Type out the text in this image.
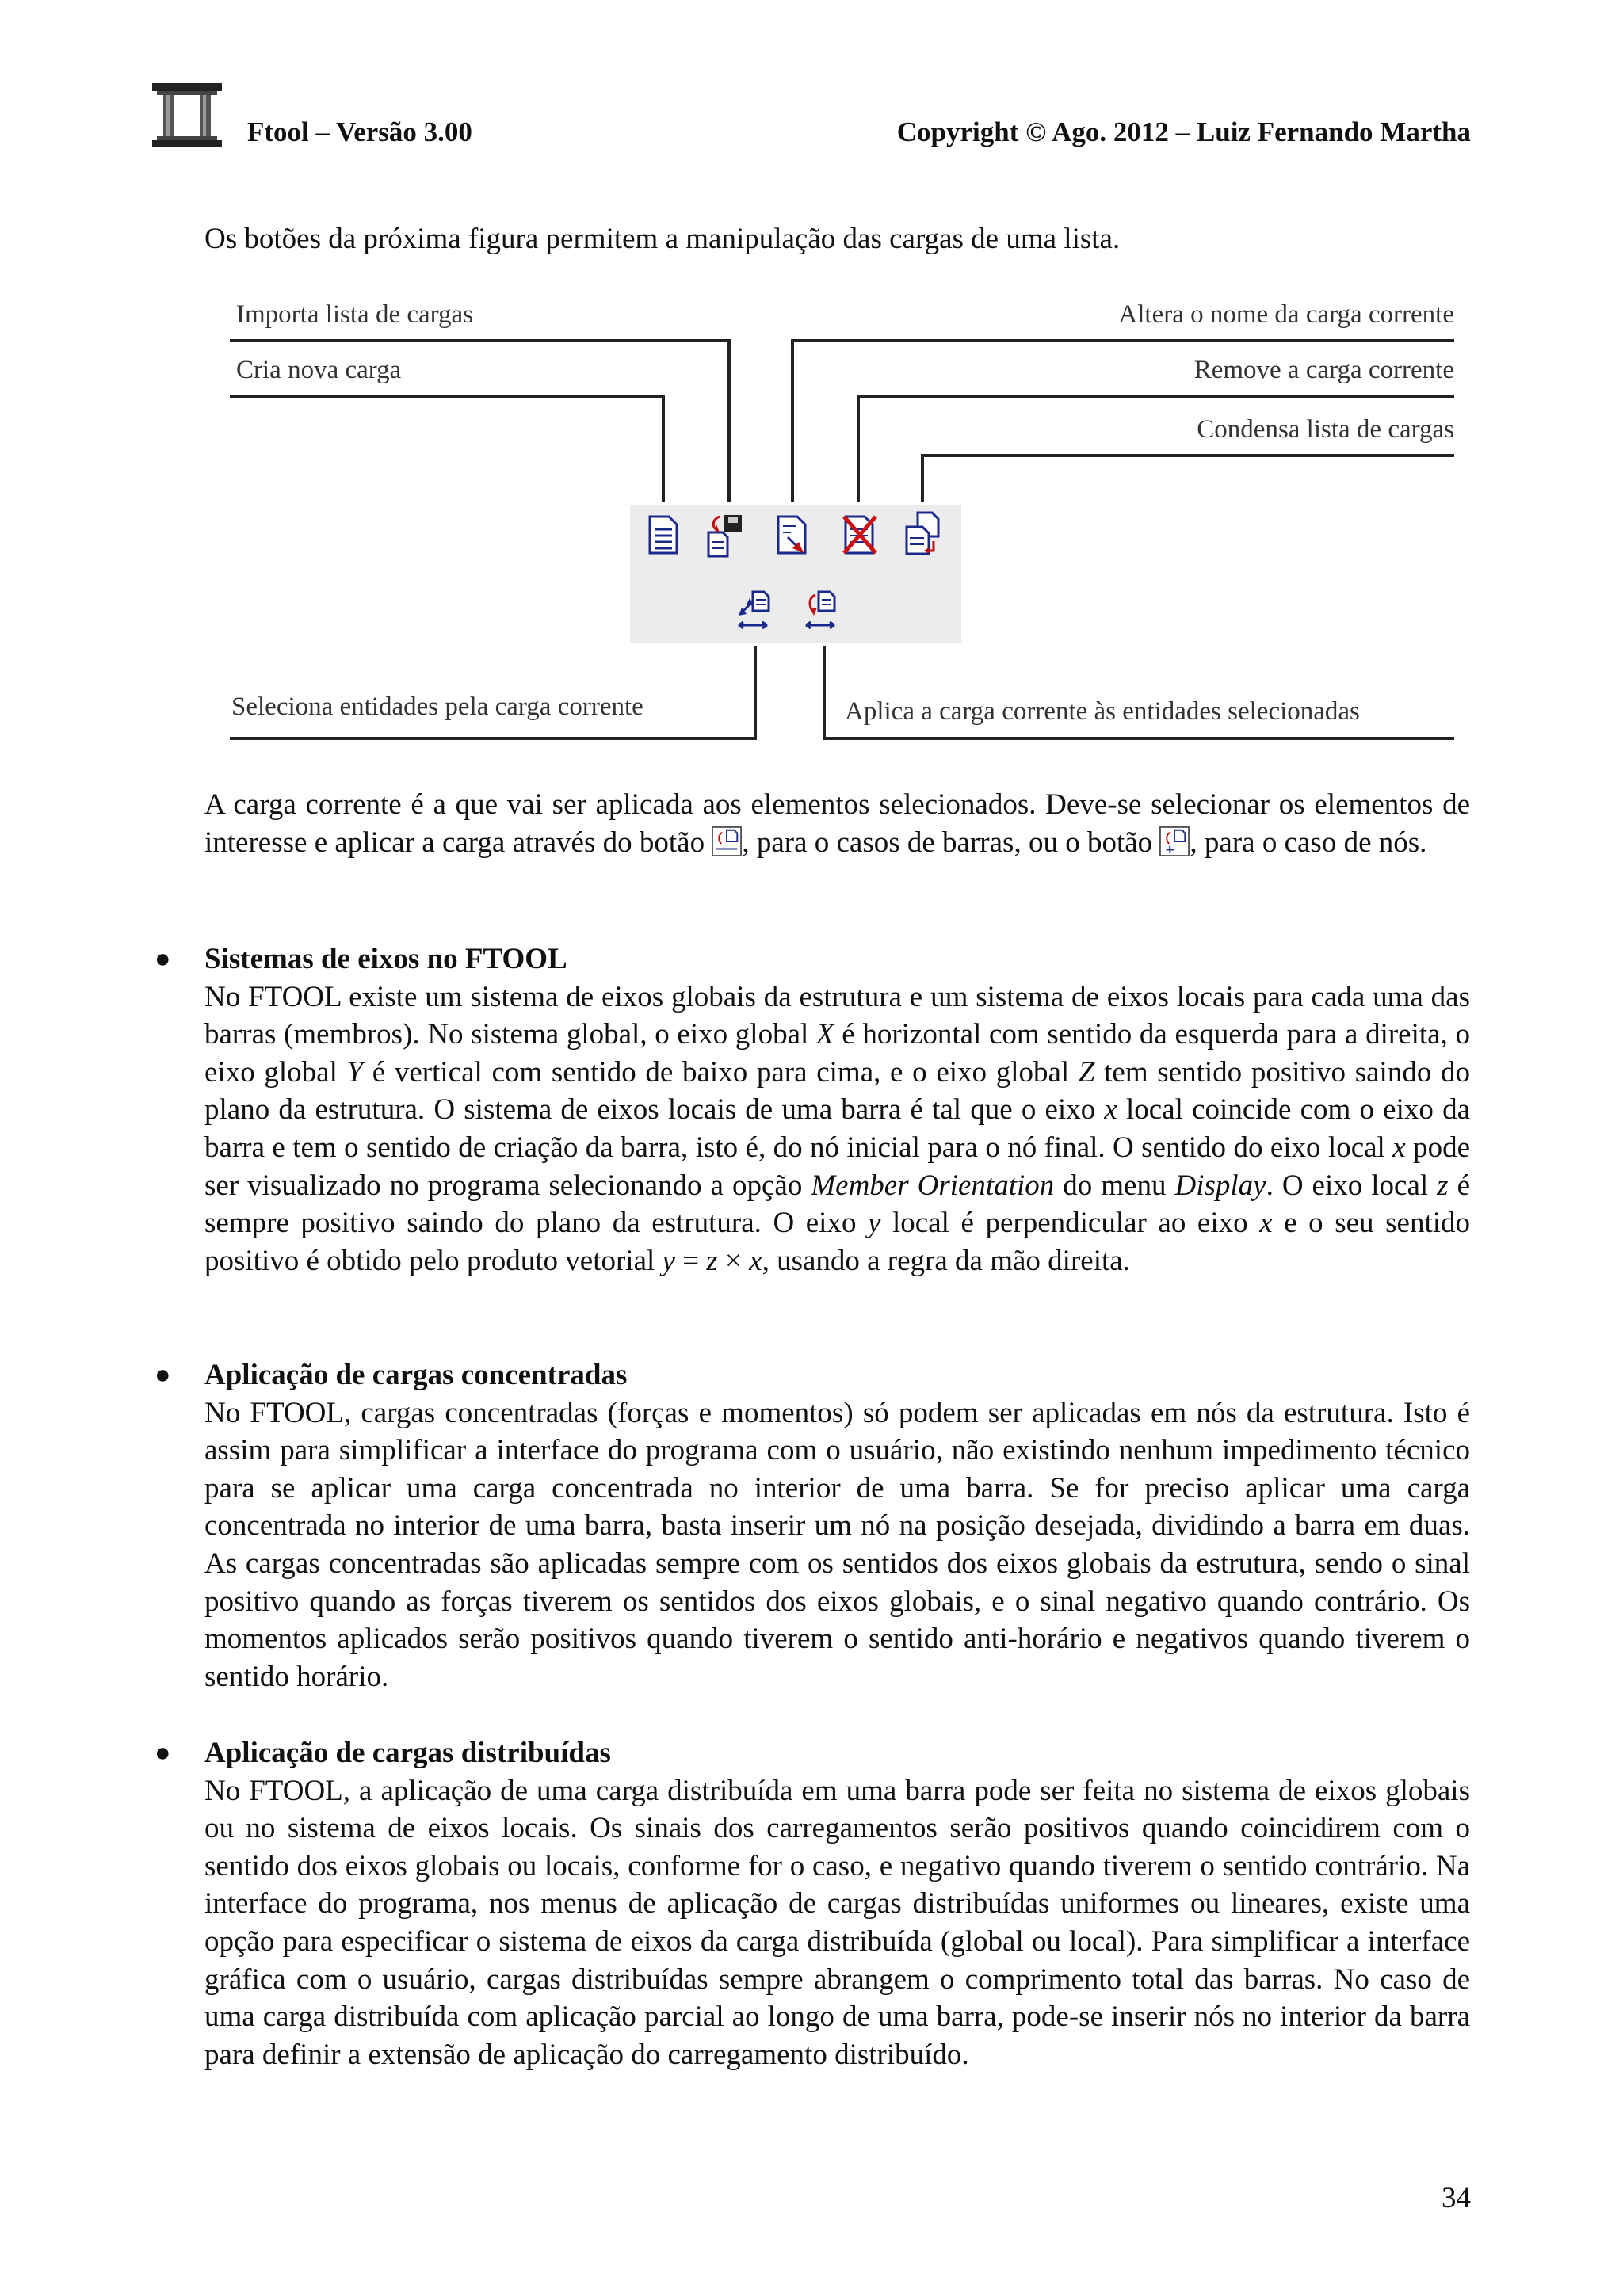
Ftool – Versão 3.00	Copyright © Ago. 2012 – Luiz Fernando Martha
Os botões da próxima figura permitem a manipulação das cargas de uma lista.
Importa lista de cargas
Cria nova carga
Altera o nome da carga corrente
Remove a carga corrente
Condensa lista de cargas
Seleciona entidades pela carga corrente	Aplica a carga corrente às entidades selecionadas
A carga corrente é a que vai ser aplicada aos elementos selecionados. Deve-se selecionar os elementos de interesse e aplicar a carga através do botão , para o casos de barras, ou o botão , para o caso de nós.
● Sistemas de eixos no FTOOL

No FTOOL existe um sistema de eixos globais da estrutura e um sistema de eixos locais para cada uma das barras (membros). No sistema global, o eixo global X é horizontal com sentido da esquerda para a direita, o eixo global Y é vertical com sentido de baixo para cima, e o eixo global Z tem sentido positivo saindo do plano da estrutura. O sistema de eixos locais de uma barra é tal que o eixo x local coincide com o eixo da barra e tem o sentido de criação da barra, isto é, do nó inicial para o nó final. O sentido do eixo local x pode ser visualizado no programa selecionando a opção Member Orientation do menu Display. O eixo local z é sempre positivo saindo do plano da estrutura. O eixo y local é perpendicular ao eixo x e o seu sentido positivo é obtido pelo produto vetorial y = z × x, usando a regra da mão direita.

● Aplicação de cargas concentradas

No FTOOL, cargas concentradas (forças e momentos) só podem ser aplicadas em nós da estrutura. Isto é assim para simplificar a interface do programa com o usuário, não existindo nenhum impedimento técnico para se aplicar uma carga concentrada no interior de uma barra. Se for preciso aplicar uma carga concentrada no interior de uma barra, basta inserir um nó na posição desejada, dividindo a barra em duas. As cargas concentradas são aplicadas sempre com os sentidos dos eixos globais da estrutura, sendo o sinal positivo quando as forças tiverem os sentidos dos eixos globais, e o sinal negativo quando contrário. Os momentos aplicados serão positivos quando tiverem o sentido anti-horário e negativos quando tiverem o sentido horário.

● Aplicação de cargas distribuídas

No FTOOL, a aplicação de uma carga distribuída em uma barra pode ser feita no sistema de eixos globais ou no sistema de eixos locais. Os sinais dos carregamentos serão positivos quando coincidirem com o sentido dos eixos globais ou locais, conforme for o caso, e negativo quando tiverem o sentido contrário. Na interface do programa, nos menus de aplicação de cargas distribuídas uniformes ou lineares, existe uma opção para especificar o sistema de eixos da carga distribuída (global ou local). Para simplificar a interface gráfica com o usuário, cargas distribuídas sempre abrangem o comprimento total das barras. No caso de uma carga distribuída com aplicação parcial ao longo de uma barra, pode-se inserir nós no interior da barra para definir a extensão de aplicação do carregamento distribuído.

34
